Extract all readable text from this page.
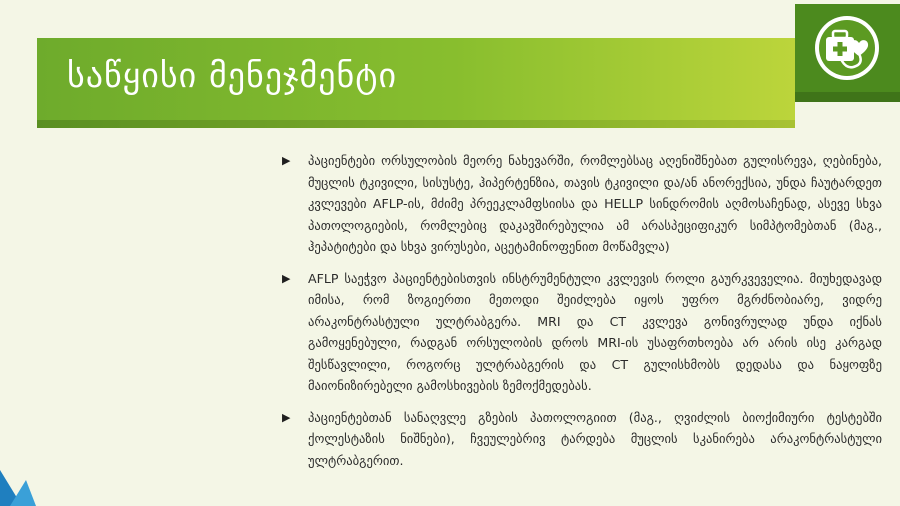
საწყისი მენეჯმენტი
▶ პაციენტები ორსულობის მეორე ნახევარში, რომლებსაც აღენიშნებათ გულისრევა, ღებინება, მუცლის ტკივილი, სისუსტე, ჰიპერტენზია, თავის ტკივილი და/ან ანორექსია, უნდა ჩაუტარდეთ კვლევები AFLP-ის, მძიმე პრეეკლამფსიისა და HELLP სინდრომის აღმოსაჩენად, ასევე სხვა პათოლოგიების, რომლებიც დაკავშირებულია ამ არასპეციფიკურ სიმპტომებთან (მაგ., ჰეპატიტები და სხვა ვირუსები, აცეტამინოფენით მოწამვლა)
▶ AFLP საეჭვო პაციენტებისთვის ინსტრუმენტული კვლევის როლი გაურკვეველია. მიუხედავად იმისა, რომ ზოგიერთი მეთოდი შეიძლება იყოს უფრო მგრძნობიარე, ვიდრე არაკონტრასტული ულტრაბგერა. MRI და CT კვლევა გონივრულად უნდა იქნას გამოყენებული, რადგან ორსულობის დროს MRI-ის უსაფრთხოება არ არის ისე კარგად შესწავლილი, როგორც ულტრაბგერის და CT გულისხმობს დედასა და ნაყოფზე მაიონიზირებელი გამოსხივების ზემოქმედებას.
▶ პაციენტებთან სანაღვლე გზების პათოლოგიით (მაგ., ღვიძლის ბიოქიმიური ტესტებში ქოლესტაზის ნიშნები), ჩვეულებრივ ტარდება მუცლის სკანირება არაკონტრასტული ულტრაბგერით.
